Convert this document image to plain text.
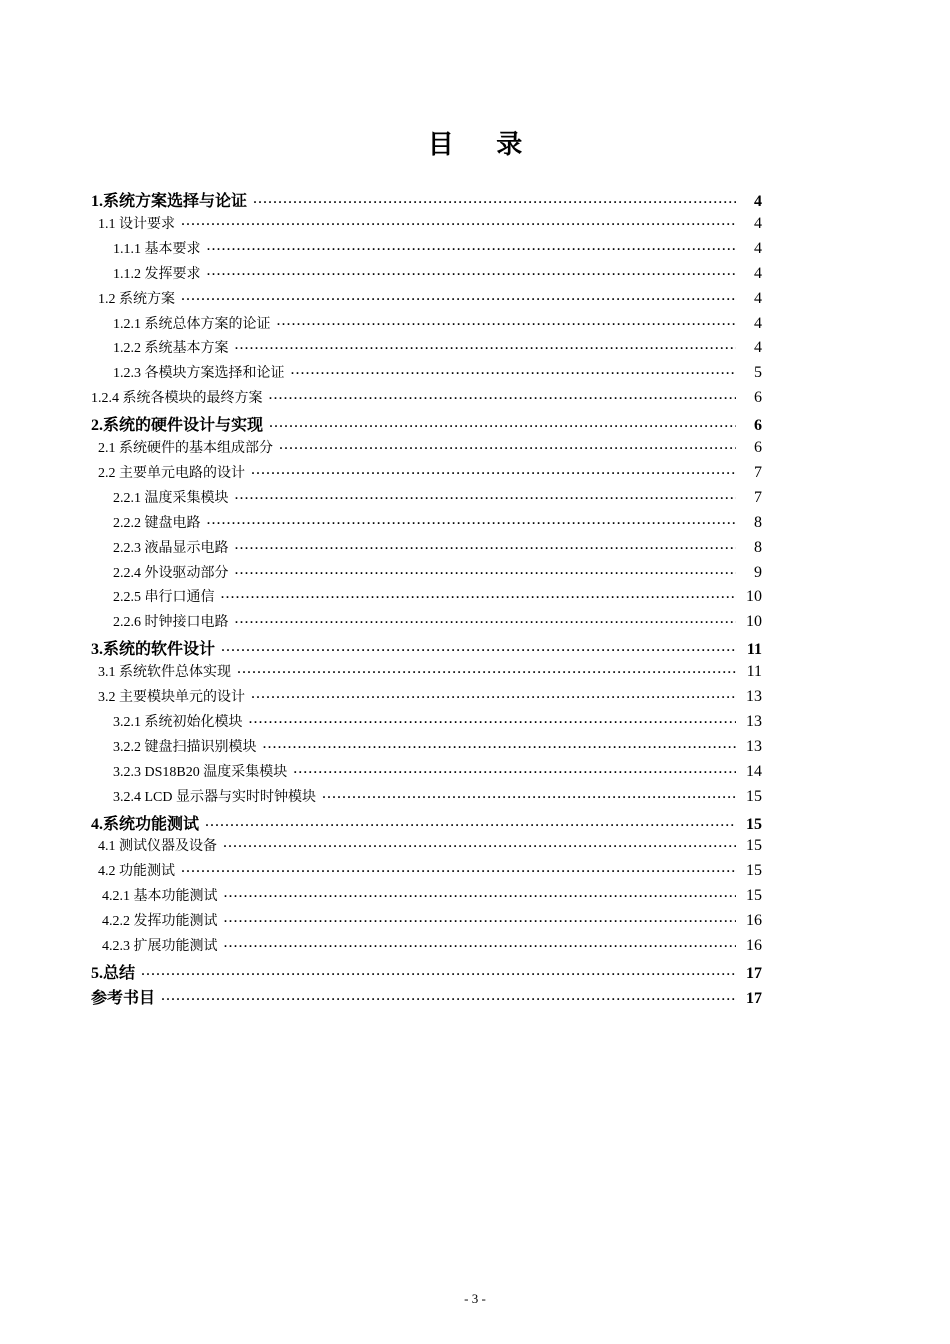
目 录
1.系统方案选择与论证 ·····	4
1.1 设计要求 ·····	4
1.1.1 基本要求 ·····	4
1.1.2 发挥要求 ·····	4
1.2 系统方案 ·····	4
1.2.1 系统总体方案的论证 ·····	4
1.2.2 系统基本方案 ·····	4
1.2.3 各模块方案选择和论证 ·····	5
1.2.4 系统各模块的最终方案 ·····	6
2.系统的硬件设计与实现 ·····	6
2.1 系统硬件的基本组成部分 ·····	6
2.2 主要单元电路的设计 ·····	7
2.2.1 温度采集模块 ·····	7
2.2.2 键盘电路 ·····	8
2.2.3 液晶显示电路 ·····	8
2.2.4 外设驱动部分 ·····	9
2.2.5 串行口通信 ·····	10
2.2.6 时钟接口电路 ·····	10
3.系统的软件设计 ·····	11
3.1 系统软件总体实现 ·····	11
3.2 主要模块单元的设计 ·····	13
3.2.1 系统初始化模块 ·····	13
3.2.2 键盘扫描识别模块 ·····	13
3.2.3 DS18B20 温度采集模块 ·····	14
3.2.4 LCD 显示器与实时时钟模块 ·····	15
4.系统功能测试 ·····	15
4.1 测试仪器及设备 ·····	15
4.2 功能测试 ·····	15
4.2.1 基本功能测试 ·····	15
4.2.2 发挥功能测试 ·····	16
4.2.3 扩展功能测试 ·····	16
5.总结 ·····	17
参考书目 ·····	17
- 3 -
